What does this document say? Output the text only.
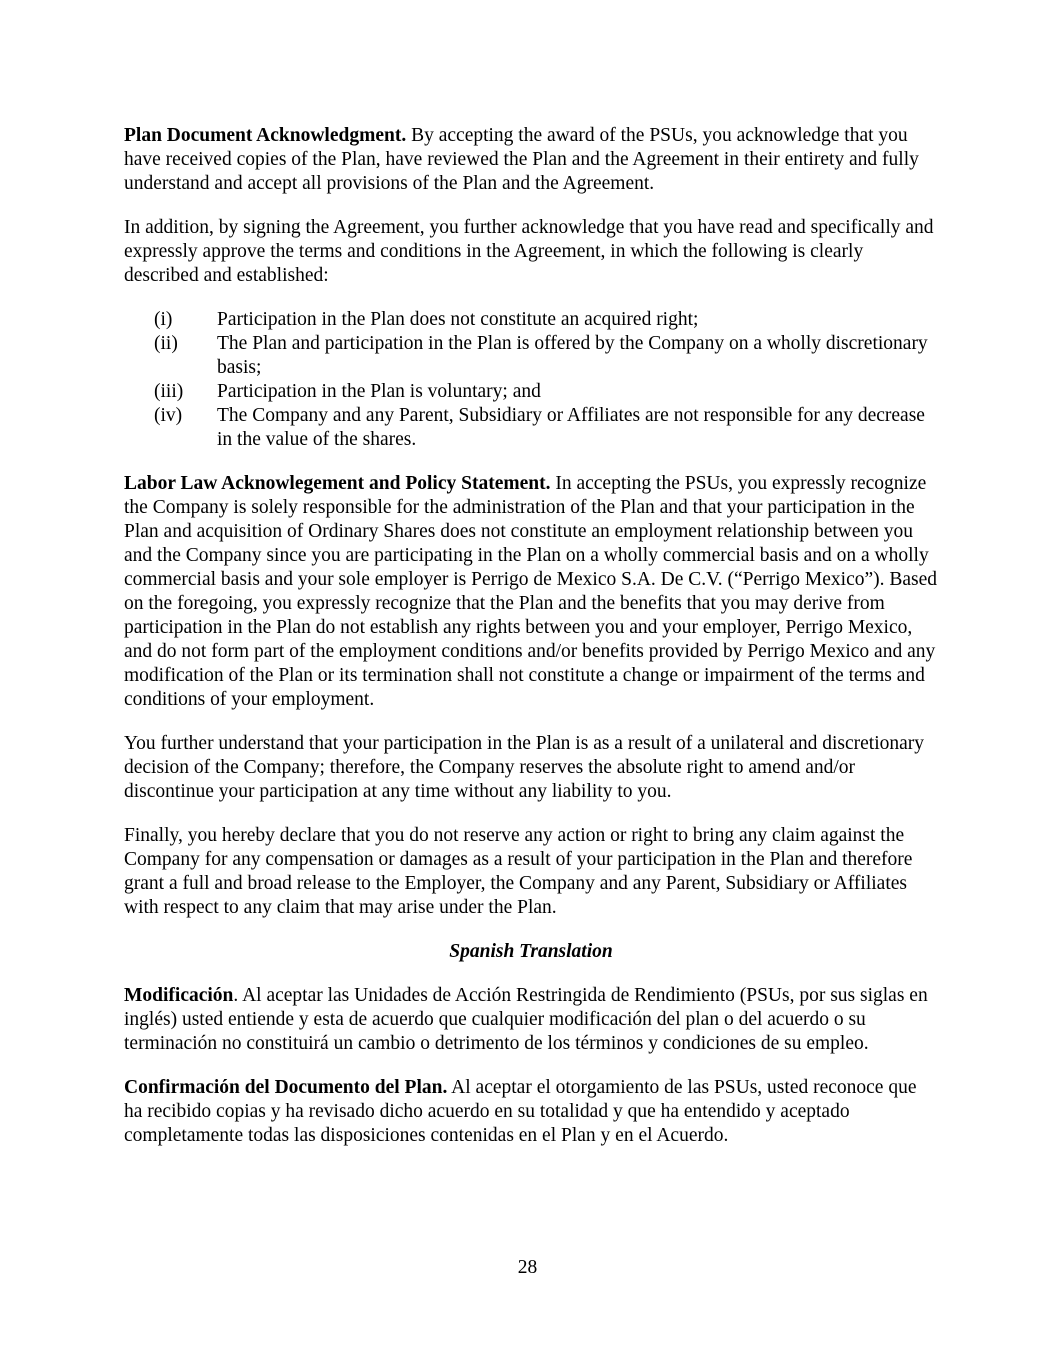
Plan Document Acknowledgment. By accepting the award of the PSUs, you acknowledge that you have received copies of the Plan, have reviewed the Plan and the Agreement in their entirety and fully understand and accept all provisions of the Plan and the Agreement.

In addition, by signing the Agreement, you further acknowledge that you have read and specifically and expressly approve the terms and conditions in the Agreement, in which the following is clearly described and established:

(i)	Participation in the Plan does not constitute an acquired right;
(ii)	The Plan and participation in the Plan is offered by the Company on a wholly discretionary basis;
(iii) Participation in the Plan is voluntary; and
(iv) The Company and any Parent, Subsidiary or Affiliates are not responsible for any decrease in the value of the shares.

Labor Law Acknowlegement and Policy Statement. In accepting the PSUs, you expressly recognize the Company is solely responsible for the administration of the Plan and that your participation in the Plan and acquisition of Ordinary Shares does not constitute an employment relationship between you and the Company since you are participating in the Plan on a wholly commercial basis and on a wholly commercial basis and your sole employer is Perrigo de Mexico S.A. De C.V. (“Perrigo Mexico”). Based on the foregoing, you expressly recognize that the Plan and the benefits that you may derive from participation in the Plan do not establish any rights between you and your employer, Perrigo Mexico, and do not form part of the employment conditions and/or benefits provided by Perrigo Mexico and any modification of the Plan or its termination shall not constitute a change or impairment of the terms and conditions of your employment.

You further understand that your participation in the Plan is as a result of a unilateral and discretionary decision of the Company; therefore, the Company reserves the absolute right to amend and/or discontinue your participation at any time without any liability to you.

Finally, you hereby declare that you do not reserve any action or right to bring any claim against the Company for any compensation or damages as a result of your participation in the Plan and therefore grant a full and broad release to the Employer, the Company and any Parent, Subsidiary or Affiliates with respect to any claim that may arise under the Plan.

Spanish Translation

Modificación. Al aceptar las Unidades de Acción Restringida de Rendimiento (PSUs, por sus siglas en inglés) usted entiende y esta de acuerdo que cualquier modificación del plan o del acuerdo o su terminación no constituirá un cambio o detrimento de los términos y condiciones de su empleo.

Confirmación del Documento del Plan. Al aceptar el otorgamiento de las PSUs, usted reconoce que ha recibido copias y ha revisado dicho acuerdo en su totalidad y que ha entendido y aceptado completamente todas las disposiciones contenidas en el Plan y en el Acuerdo.

28
